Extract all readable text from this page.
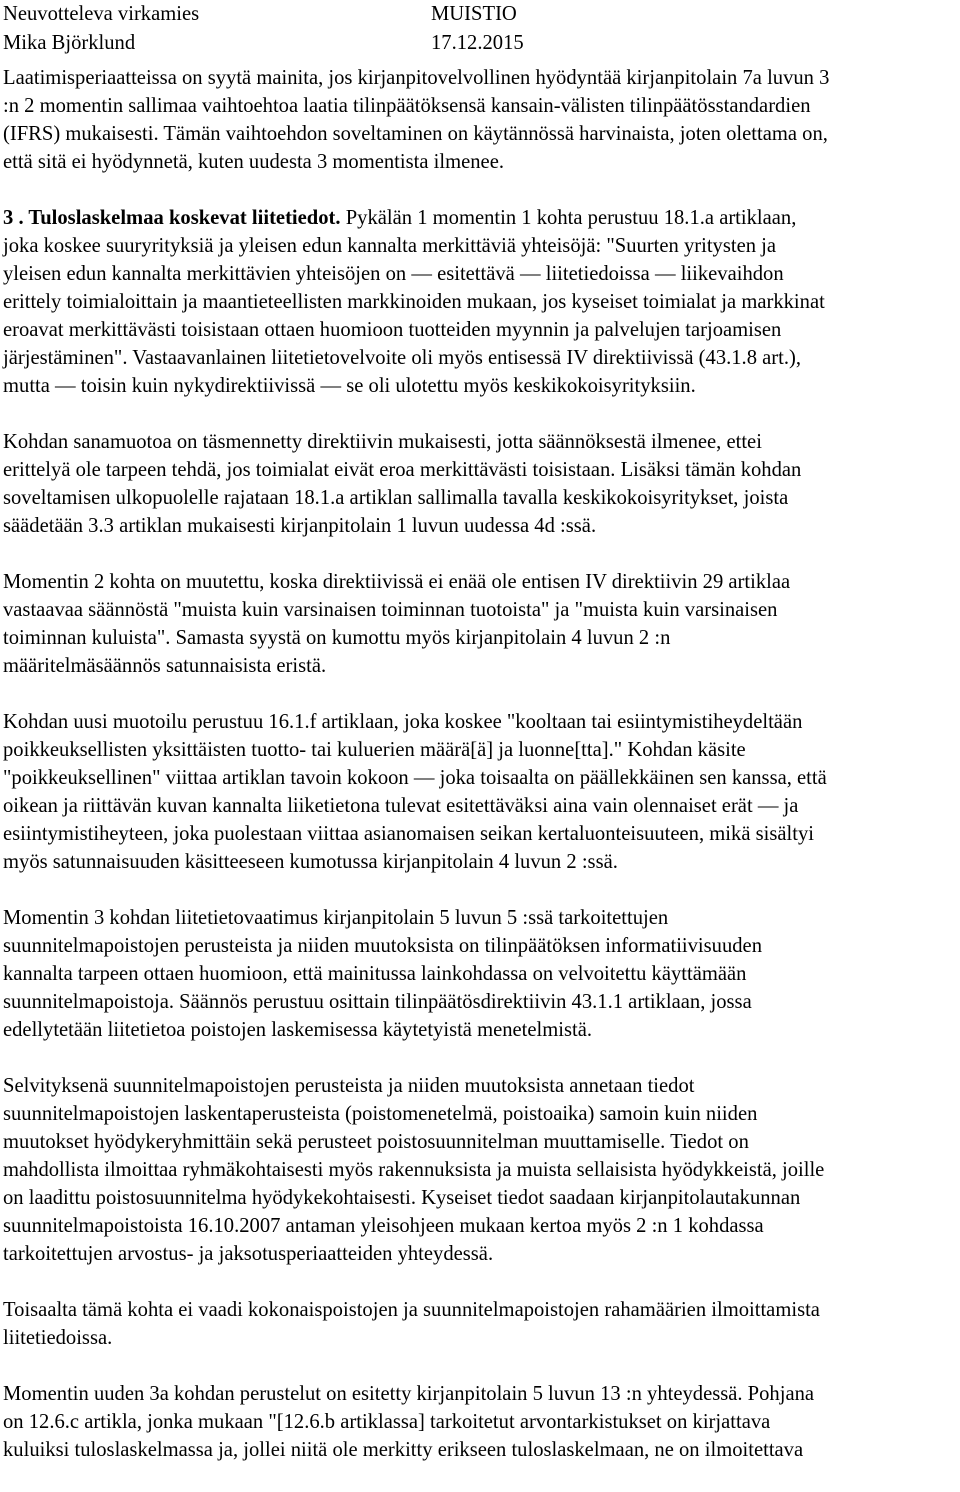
Neuvotteleva virkamies	MUISTIO
Mika Björklund	17.12.2015

Laatimisperiaatteissa on syytä mainita, jos kirjanpitovelvollinen hyödyntää kirjanpitolain 7a luvun 3
:n 2 momentin sallimaa vaihtoehtoa laatia tilinpäätöksensä kansain-välisten tilinpäätösstandardien
(IFRS) mukaisesti. Tämän vaihtoehdon soveltaminen on käytännössä harvinaista, joten olettama on,
että sitä ei hyödynnetä, kuten uudesta 3 momentista ilmenee.

3 . Tuloslaskelmaa koskevat liitetiedot. Pykälän 1 momentin 1 kohta perustuu 18.1.a artiklaan,
joka koskee suuryrityksiä ja yleisen edun kannalta merkittäviä yhteisöjä: "Suurten yritysten ja
yleisen edun kannalta merkittävien yhteisöjen on — esitettävä — liitetiedoissa — liikevaihdon
erittely toimialoittain ja maantieteellisten markkinoiden mukaan, jos kyseiset toimialat ja markkinat
eroavat merkittävästi toisistaan ottaen huomioon tuotteiden myynnin ja palvelujen tarjoamisen
järjestäminen". Vastaavanlainen liitetietovelvoite oli myös entisessä IV direktiivissä (43.1.8 art.),
mutta — toisin kuin nykydirektiivissä — se oli ulotettu myös keskikokoisyrityksiin.

Kohdan sanamuotoa on täsmennetty direktiivin mukaisesti, jotta säännöksestä ilmenee, ettei
erittelyä ole tarpeen tehdä, jos toimialat eivät eroa merkittävästi toisistaan. Lisäksi tämän kohdan
soveltamisen ulkopuolelle rajataan 18.1.a artiklan sallimalla tavalla keskikokoisyritykset, joista
säädetään 3.3 artiklan mukaisesti kirjanpitolain 1 luvun uudessa 4d :ssä.

Momentin 2 kohta on muutettu, koska direktiivissä ei enää ole entisen IV direktiivin 29 artiklaa
vastaavaa säännöstä "muista kuin varsinaisen toiminnan tuotoista" ja "muista kuin varsinaisen
toiminnan kuluista". Samasta syystä on kumottu myös kirjanpitolain 4 luvun 2 :n
määritelmäsäännös satunnaisista eristä.

Kohdan uusi muotoilu perustuu 16.1.f artiklaan, joka koskee "kooltaan tai esiintymistiheydeltään
poikkeuksellisten yksittäisten tuotto- tai kuluerien määrä[ä] ja luonne[tta]." Kohdan käsite
"poikkeuksellinen" viittaa artiklan tavoin kokoon — joka toisaalta on päällekkäinen sen kanssa, että
oikean ja riittävän kuvan kannalta liiketietona tulevat esitettäväksi aina vain olennaiset erät — ja
esiintymistiheyteen, joka puolestaan viittaa asianomaisen seikan kertaluonteisuuteen, mikä sisältyi
myös satunnaisuuden käsitteeseen kumotussa kirjanpitolain 4 luvun 2 :ssä.

Momentin 3 kohdan liitetietovaatimus kirjanpitolain 5 luvun 5 :ssä tarkoitettujen
suunnitelmapoistojen perusteista ja niiden muutoksista on tilinpäätöksen informatiivisuuden
kannalta tarpeen ottaen huomioon, että mainitussa lainkohdassa on velvoitettu käyttämään
suunnitelmapoistoja. Säännös perustuu osittain tilinpäätösdirektiivin 43.1.1 artiklaan, jossa
edellytetään liitetietoa poistojen laskemisessa käytetyistä menetelmistä.

Selvityksenä suunnitelmapoistojen perusteista ja niiden muutoksista annetaan tiedot
suunnitelmapoistojen laskentaperusteista (poistomenetelmä, poistoaika) samoin kuin niiden
muutokset hyödykeryhmittäin sekä perusteet poistosuunnitelman muuttamiselle. Tiedot on
mahdollista ilmoittaa ryhmäkohtaisesti myös rakennuksista ja muista sellaisista hyödykkeistä, joille
on laadittu poistosuunnitelma hyödykekohtaisesti. Kyseiset tiedot saadaan kirjanpitolautakunnan
suunnitelmapoistoista 16.10.2007 antaman yleisohjeen mukaan kertoa myös 2 :n 1 kohdassa
tarkoitettujen arvostus- ja jaksotusperiaatteiden yhteydessä.

Toisaalta tämä kohta ei vaadi kokonaispoistojen ja suunnitelmapoistojen rahamäärien ilmoittamista
liitetiedoissa.

Momentin uuden 3a kohdan perustelut on esitetty kirjanpitolain 5 luvun 13 :n yhteydessä. Pohjana
on 12.6.c artikla, jonka mukaan "[12.6.b artiklassa] tarkoitetut arvontarkistukset on kirjattava
kuluiksi tuloslaskelmassa ja, jollei niitä ole merkitty erikseen tuloslaskelmaan, ne on ilmoitettava
